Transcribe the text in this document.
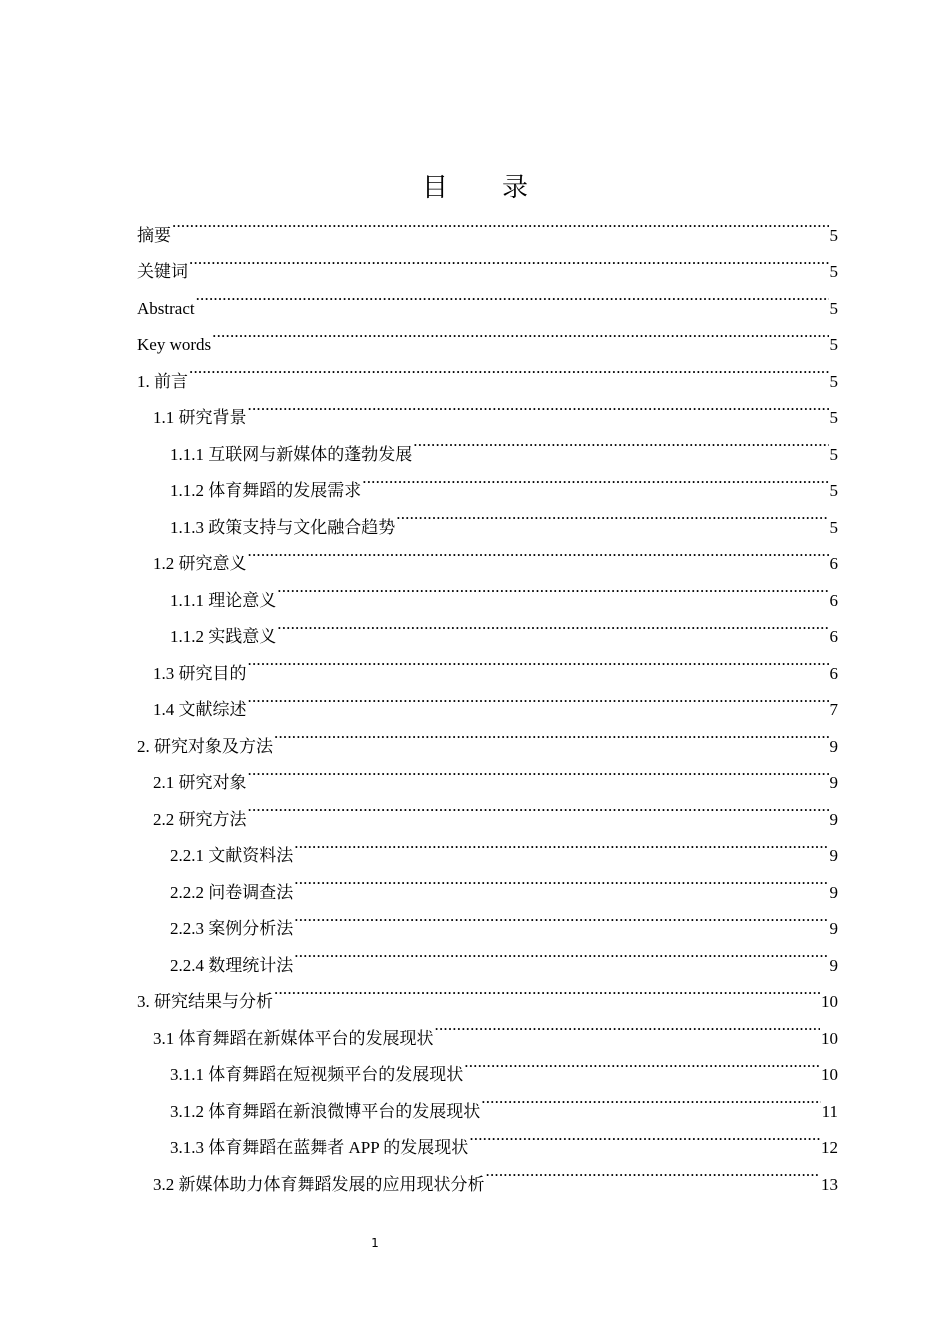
目 录
摘要 .....	5
关键词 .....	5
Abstract .....	5
Key words .....	5
1. 前言 .....	5
1.1 研究背景 .....	5
1.1.1 互联网与新媒体的蓬勃发展 .....	5
1.1.2 体育舞蹈的发展需求 .....	5
1.1.3 政策支持与文化融合趋势 .....	5
1.2 研究意义 .....	6
1.1.1 理论意义 .....	6
1.1.2 实践意义 .....	6
1.3 研究目的 .....	6
1.4 文献综述 .....	7
2. 研究对象及方法 .....	9
2.1 研究对象 .....	9
2.2 研究方法 .....	9
2.2.1 文献资料法 .....	9
2.2.2 问卷调查法 .....	9
2.2.3 案例分析法 .....	9
2.2.4 数理统计法 .....	9
3. 研究结果与分析 .....	10
3.1 体育舞蹈在新媒体平台的发展现状 .....	10
3.1.1 体育舞蹈在短视频平台的发展现状 .....	10
3.1.2 体育舞蹈在新浪微博平台的发展现状 .....	11
3.1.3 体育舞蹈在蓝舞者 APP 的发展现状 .....	12
3.2 新媒体助力体育舞蹈发展的应用现状分析 .....	13
1
